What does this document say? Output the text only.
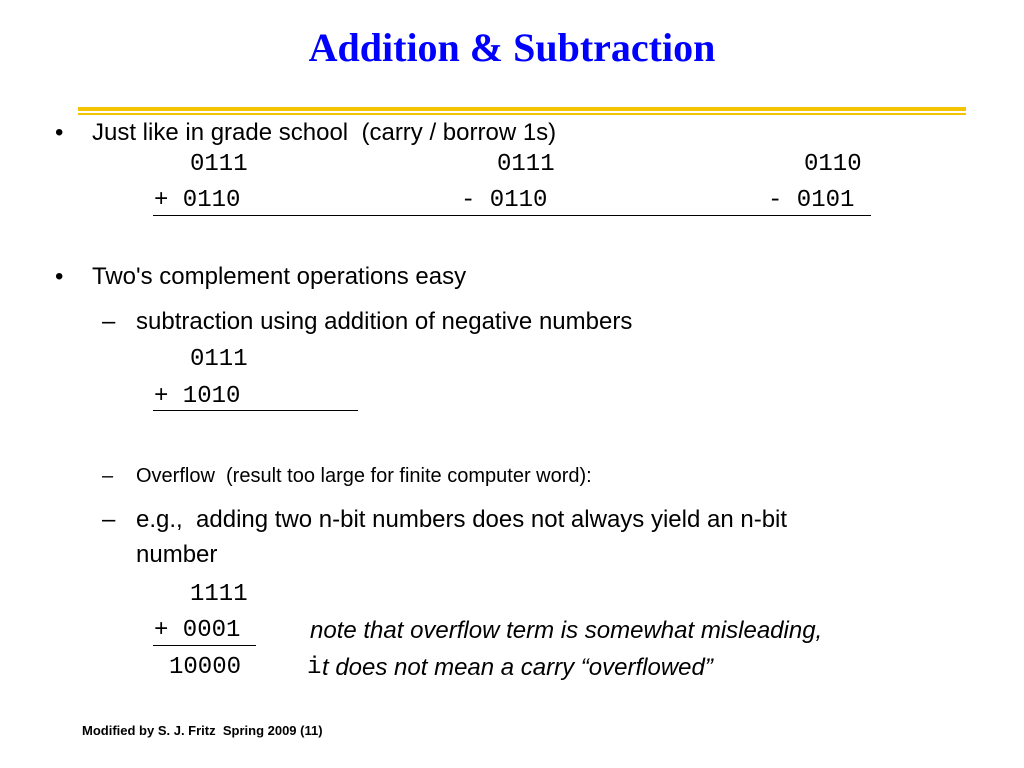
Addition & Subtraction
• Just like in grade school  (carry / borrow 1s)
0111
+ 0110
0111
- 0110
0110
- 0101
• Two's complement operations easy
– subtraction using addition of negative numbers
0111
+ 1010
– Overflow  (result too large for finite computer word):
– e.g.,  adding two n-bit numbers does not always yield an n-bit
number
1111
+ 0001
10000
note that overflow term is somewhat misleading,
i t does not mean a carry “overflowed”
Modified by S. J. Fritz  Spring 2009 (11)
